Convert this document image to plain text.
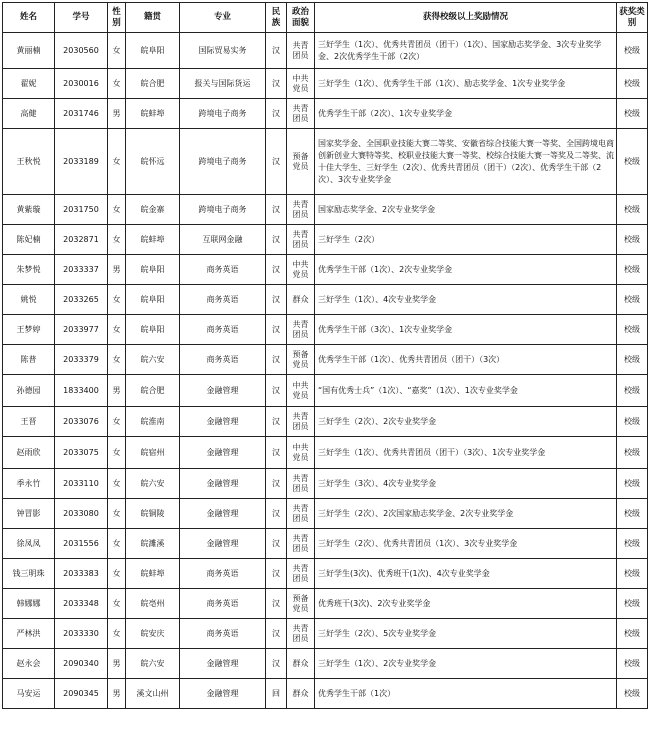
姓名	学号	性别	籍贯	专业	民族	政治面貌	获得校级以上奖励情况	获奖类别
黄丽楠	2030560	女	皖阜阳	国际贸易实务	汉	共青团员	三好学生（1次）、优秀共青团员（团干）（1次）、国家励志奖学金、3次专业奖学金、2次优秀学生干部（2次）	校级
翟妮	2030016	女	皖合肥	报关与国际货运	汉	中共党员	三好学生（1次）、优秀学生干部（1次）、励志奖学金、1次专业奖学金	校级
高健	2031746	男	皖蚌埠	跨境电子商务	汉	共青团员	优秀学生干部（2次）、1次专业奖学金	校级
王秋悦	2033189	女	皖怀远	跨境电子商务	汉	预备党员	国家奖学金、全国职业技能大赛二等奖、安徽省综合技能大赛一等奖、全国跨境电商创新创业大赛特等奖、校职业技能大赛一等奖、校综合技能大赛一等奖及二等奖、流十佳大学生、三好学生（2次）、优秀共青团员（团干）（2次）、优秀学生干部（2次）、3次专业奖学金	校级
黄紫璇	2031750	女	皖金寨	跨境电子商务	汉	共青团员	国家励志奖学金、2次专业奖学金	校级
陈妃楠	2032871	女	皖蚌埠	互联网金融	汉	共青团员	三好学生（2次）	校级
朱梦悦	2033337	男	皖阜阳	商务英语	汉	中共党员	优秀学生干部（1次）、2次专业奖学金	校级
姚悦	2033265	女	皖阜阳	商务英语	汉	群众	三好学生（1次）、4次专业奖学金	校级
王梦婷	2033977	女	皖阜阳	商务英语	汉	共青团员	优秀学生干部（3次）、1次专业奖学金	校级
陈普	2033379	女	皖六安	商务英语	汉	预备党员	优秀学生干部（1次）、优秀共青团员（团干）（3次）	校级
孙德园	1833400	男	皖合肥	金融管理	汉	中共党员	“国有优秀士兵”（1次）、“嘉奖”（1次）、1次专业奖学金	校级
王晋	2033076	女	皖淮南	金融管理	汉	共青团员	三好学生（2次）、2次专业奖学金	校级
赵雨欣	2033075	女	皖宿州	金融管理	汉	中共党员	三好学生（1次）、优秀共青团员（团干）（3次）、1次专业奖学金	校级
季永竹	2033110	女	皖六安	金融管理	汉	共青团员	三好学生（3次）、4次专业奖学金	校级
钟冒影	2033080	女	皖铜陵	金融管理	汉	共青团员	三好学生（2次）、2次国家励志奖学金、2次专业奖学金	校级
徐凤凤	2031556	女	皖濉溪	金融管理	汉	共青团员	三好学生（2次）、优秀共青团员（1次）、3次专业奖学金	校级
钱三明珠	2033383	女	皖蚌埠	商务英语	汉	共青团员	三好学生(3次)、优秀班干(1次)、4次专业奖学金	校级
韩娜娜	2033348	女	皖亳州	商务英语	汉	预备党员	优秀班干(3次)、2次专业奖学金	校级
严林洪	2033330	女	皖安庆	商务英语	汉	共青团员	三好学生（2次）、5次专业奖学金	校级
赵永会	2090340	男	皖六安	金融管理	汉	群众	三好学生（1次）、2次专业奖学金	校级
马安运	2090345	男	溪文山州	金融管理	回	群众	优秀学生干部（1次）	校级
